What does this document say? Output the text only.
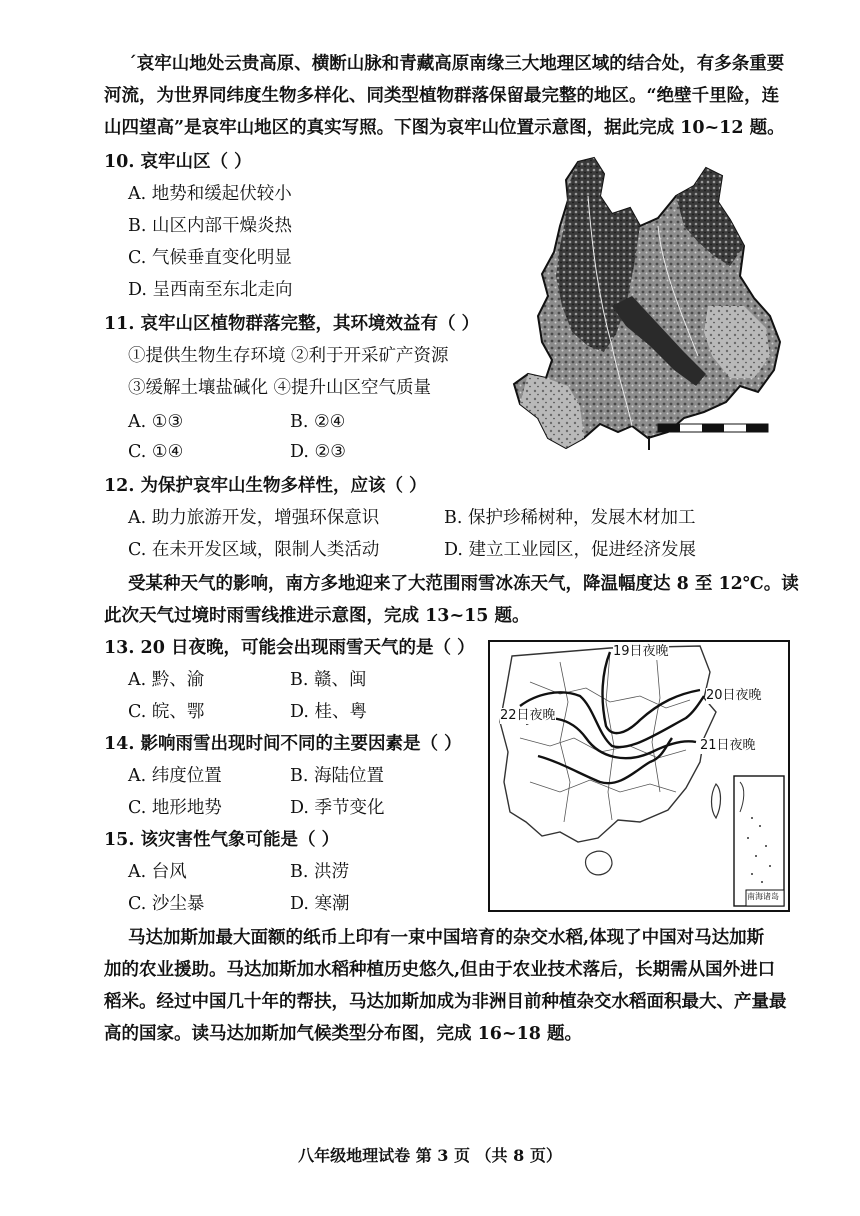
ˊ哀牢山地处云贵高原、横断山脉和青藏高原南缘三大地理区域的结合处，有多条重要
河流，为世界同纬度生物多样化、同类型植物群落保留最完整的地区。“绝壁千里险，连
山四望高”是哀牢山地区的真实写照。下图为哀牢山位置示意图，据此完成 10~12 题。
10. 哀牢山区（ ）
A. 地势和缓起伏较小
B. 山区内部干燥炎热
C. 气候垂直变化明显
D. 呈西南至东北走向
11. 哀牢山区植物群落完整，其环境效益有（ ）
①提供生物生存环境 ②利于开采矿产资源
③缓解土壤盐碱化 ④提升山区空气质量
A. ①③	B. ②④
C. ①④	D. ②③
12. 为保护哀牢山生物多样性，应该（ ）
A. 助力旅游开发，增强环保意识	B. 保护珍稀树种，发展木材加工
C. 在未开发区域，限制人类活动	D. 建立工业园区，促进经济发展
受某种天气的影响，南方多地迎来了大范围雨雪冰冻天气，降温幅度达 8 至 12℃。读
此次天气过境时雨雪线推进示意图，完成 13~15 题。
13. 20 日夜晚，可能会出现雨雪天气的是（ ）
A. 黔、渝	B. 赣、闽
C. 皖、鄂	D. 桂、粤
14. 影响雨雪出现时间不同的主要因素是（ ）
A. 纬度位置	B. 海陆位置
C. 地形地势	D. 季节变化
15. 该灾害性气象可能是（ ）
A. 台风	B. 洪涝
C. 沙尘暴	D. 寒潮
19日夜晚
20日夜晚
22日夜晚
21日夜晚
南海诸岛
马达加斯加最大面额的纸币上印有一束中国培育的杂交水稻,体现了中国对马达加斯
加的农业援助。马达加斯加水稻种植历史悠久,但由于农业技术落后，长期需从国外进口
稻米。经过中国几十年的帮扶，马达加斯加成为非洲目前种植杂交水稻面积最大、产量最
高的国家。读马达加斯加气候类型分布图，完成 16~18 题。
八年级地理试卷 第 3 页 （共 8 页）
